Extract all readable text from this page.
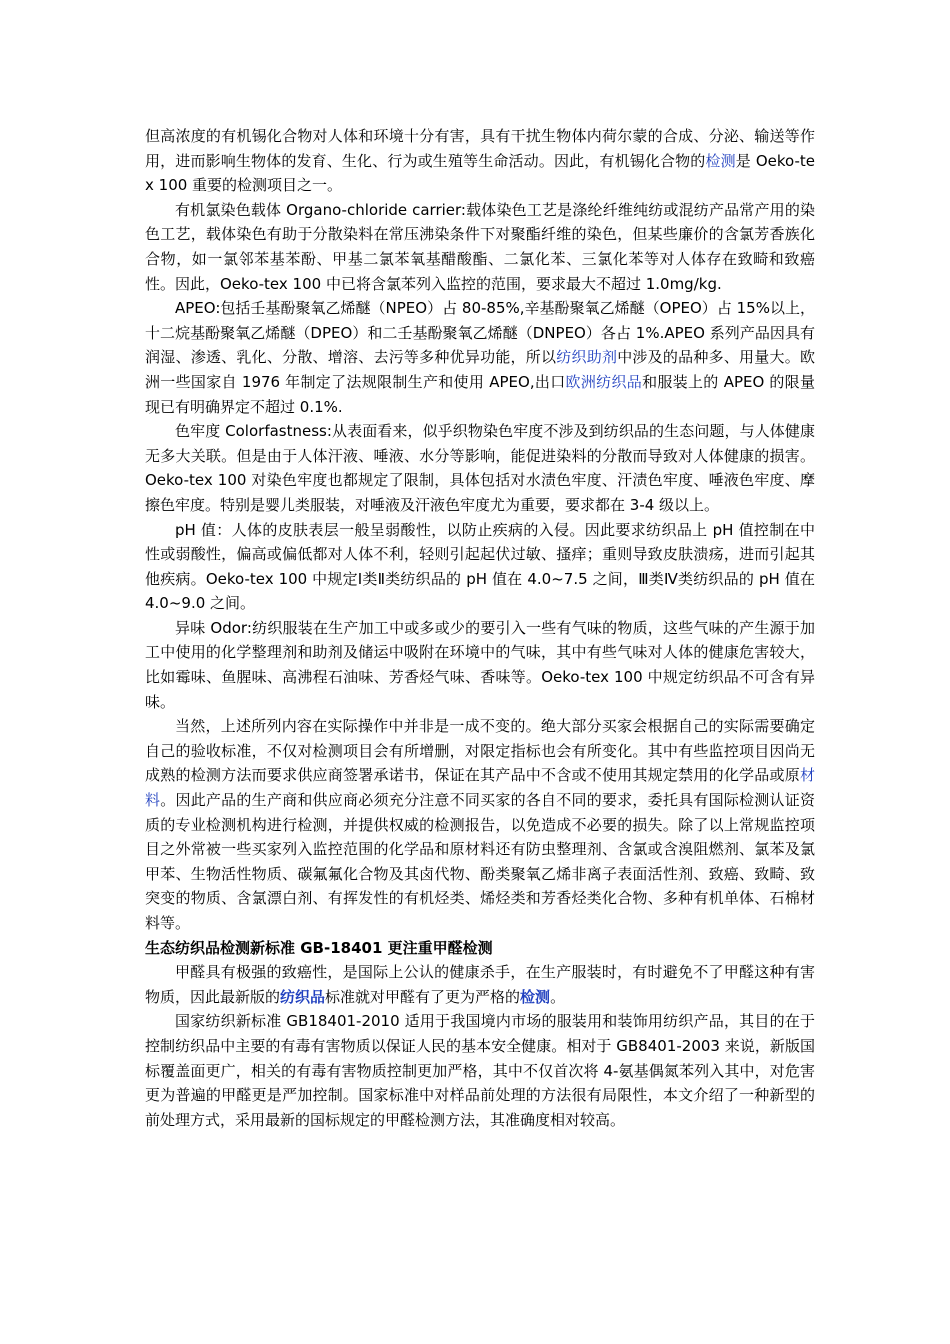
但高浓度的有机锡化合物对人体和环境十分有害，具有干扰生物体内荷尔蒙的合成、分泌、输送等作用，进而影响生物体的发育、生化、行为或生殖等生命活动。因此，有机锡化合物的检测是 Oeko-tex 100 重要的检测项目之一。

有机氯染色载体 Organo-chloride carrier:载体染色工艺是涤纶纤维纯纺或混纺产品常产用的染色工艺，载体染色有助于分散染料在常压沸染条件下对聚酯纤维的染色，但某些廉价的含氯芳香族化合物，如一氯邻苯基苯酚、甲基二氯苯氧基醋酸酯、二氯化苯、三氯化苯等对人体存在致畸和致癌性。因此，Oeko-tex 100 中已将含氯苯列入监控的范围，要求最大不超过 1.0mg/kg.

APEO:包括壬基酚聚氧乙烯醚（NPEO）占 80-85%,辛基酚聚氧乙烯醚（OPEO）占 15%以上，十二烷基酚聚氧乙烯醚（DPEO）和二壬基酚聚氧乙烯醚（DNPEO）各占 1%.APEO 系列产品因具有润湿、渗透、乳化、分散、增溶、去污等多种优异功能，所以纺织助剂中涉及的品种多、用量大。欧洲一些国家自 1976 年制定了法规限制生产和使用 APEO,出口欧洲纺织品和服装上的 APEO 的限量现已有明确界定不超过 0.1%.

色牢度 Colorfastness:从表面看来，似乎织物染色牢度不涉及到纺织品的生态问题，与人体健康无多大关联。但是由于人体汗液、唾液、水分等影响，能促进染料的分散而导致对人体健康的损害。Oeko-tex 100 对染色牢度也都规定了限制，具体包括对水渍色牢度、汗渍色牢度、唾液色牢度、摩擦色牢度。特别是婴儿类服装，对唾液及汗液色牢度尤为重要，要求都在 3-4 级以上。

pH 值：人体的皮肤表层一般呈弱酸性，以防止疾病的入侵。因此要求纺织品上 pH 值控制在中性或弱酸性，偏高或偏低都对人体不利，轻则引起起伏过敏、搔痒；重则导致皮肤溃疡，进而引起其他疾病。Oeko-tex 100 中规定Ⅰ类Ⅱ类纺织品的 pH 值在 4.0~7.5 之间，Ⅲ类Ⅳ类纺织品的 pH 值在 4.0~9.0 之间。

异味 Odor:纺织服装在生产加工中或多或少的要引入一些有气味的物质，这些气味的产生源于加工中使用的化学整理剂和助剂及储运中吸附在环境中的气味，其中有些气味对人体的健康危害较大，比如霉味、鱼腥味、高沸程石油味、芳香烃气味、香味等。Oeko-tex 100 中规定纺织品不可含有异味。

当然，上述所列内容在实际操作中并非是一成不变的。绝大部分买家会根据自己的实际需要确定自己的验收标准，不仅对检测项目会有所增删，对限定指标也会有所变化。其中有些监控项目因尚无成熟的检测方法而要求供应商签署承诺书，保证在其产品中不含或不使用其规定禁用的化学品或原材料。因此产品的生产商和供应商必须充分注意不同买家的各自不同的要求，委托具有国际检测认证资质的专业检测机构进行检测，并提供权威的检测报告，以免造成不必要的损失。除了以上常规监控项目之外常被一些买家列入监控范围的化学品和原材料还有防虫整理剂、含氯或含溴阻燃剂、氯苯及氯甲苯、生物活性物质、碳氟氟化合物及其卤代物、酚类聚氧乙烯非离子表面活性剂、致癌、致畸、致突变的物质、含氯漂白剂、有挥发性的有机烃类、烯烃类和芳香烃类化合物、多种有机单体、石棉材料等。

生态纺织品检测新标准 GB-18401 更注重甲醛检测

甲醛具有极强的致癌性，是国际上公认的健康杀手，在生产服装时，有时避免不了甲醛这种有害物质，因此最新版的纺织品标准就对甲醛有了更为严格的检测。

国家纺织新标准 GB18401-2010 适用于我国境内市场的服装用和装饰用纺织产品，其目的在于控制纺织品中主要的有毒有害物质以保证人民的基本安全健康。相对于 GB8401-2003 来说，新版国标覆盖面更广，相关的有毒有害物质控制更加严格，其中不仅首次将 4-氨基偶氮苯列入其中，对危害更为普遍的甲醛更是严加控制。国家标准中对样品前处理的方法很有局限性，本文介绍了一种新型的前处理方式，采用最新的国标规定的甲醛检测方法，其准确度相对较高。
